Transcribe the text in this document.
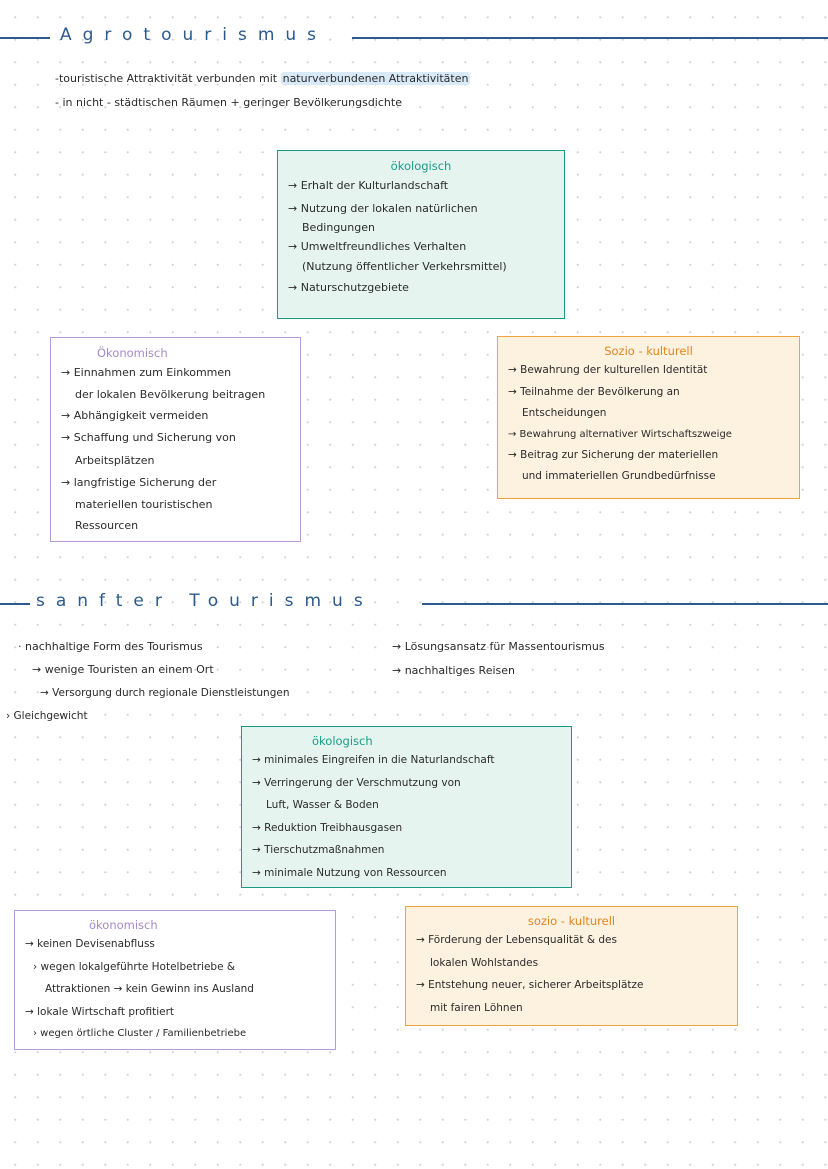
Agrotourismus
-touristische Attraktivität verbunden mit naturverbundenen Attraktivitäten
- in nicht - städtischen Räumen + geringer Bevölkerungsdichte
ökologisch
→ Erhalt der Kulturlandschaft
→ Nutzung der lokalen natürlichen
Bedingungen
→ Umweltfreundliches Verhalten
(Nutzung öffentlicher Verkehrsmittel)
→ Naturschutzgebiete
Ökonomisch
→ Einnahmen zum Einkommen
der lokalen Bevölkerung beitragen
→ Abhängigkeit vermeiden
→ Schaffung und Sicherung von
Arbeitsplätzen
→ langfristige Sicherung der
materiellen touristischen
Ressourcen
Sozio - kulturell
→ Bewahrung der kulturellen Identität
→ Teilnahme der Bevölkerung an
Entscheidungen
→ Bewahrung alternativer Wirtschaftszweige
→ Beitrag zur Sicherung der materiellen
und immateriellen Grundbedürfnisse
sanfter Tourismus
· nachhaltige Form des Tourismus
→ wenige Touristen an einem Ort
→ Versorgung durch regionale Dienstleistungen
› Gleichgewicht
→ Lösungsansatz für Massentourismus
→ nachhaltiges Reisen
ökologisch
→ minimales Eingreifen in die Naturlandschaft
→ Verringerung der Verschmutzung von
Luft, Wasser & Boden
→ Reduktion Treibhausgasen
→ Tierschutzmaßnahmen
→ minimale Nutzung von Ressourcen
ökonomisch
→ keinen Devisenabfluss
› wegen lokalgeführte Hotelbetriebe &
Attraktionen → kein Gewinn ins Ausland
→ lokale Wirtschaft profitiert
› wegen örtliche Cluster / Familienbetriebe
sozio - kulturell
→ Förderung der Lebensqualität & des
lokalen Wohlstandes
→ Entstehung neuer, sicherer Arbeitsplätze
mit fairen Löhnen
